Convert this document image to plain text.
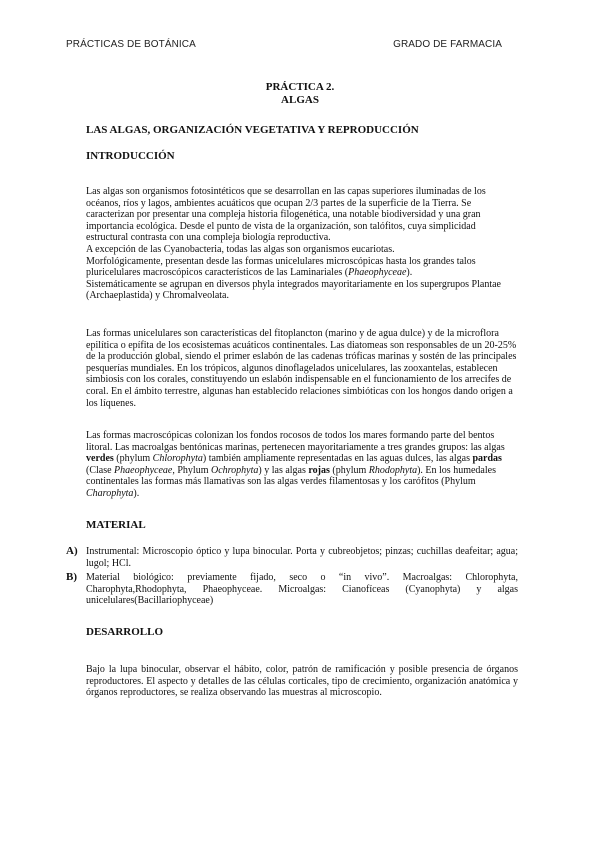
PRÁCTICAS DE BOTÁNICA	GRADO DE FARMACIA
PRÁCTICA 2.
ALGAS
LAS ALGAS, ORGANIZACIÓN VEGETATIVA Y REPRODUCCIÓN
INTRODUCCIÓN
Las algas son organismos fotosintéticos que se desarrollan en las capas superiores iluminadas de los océanos, ríos y lagos, ambientes acuáticos que ocupan 2/3 partes de la superficie de la Tierra. Se caracterizan por presentar una compleja historia filogenética, una notable biodiversidad y una gran importancia ecológica. Desde el punto de vista de la organización, son talófitos, cuya simplicidad estructural contrasta con una compleja biología reproductiva.
A excepción de las Cyanobacteria, todas las algas son organismos eucariotas.
Morfológicamente, presentan desde las formas unicelulares microscópicas hasta los grandes talos pluricelulares macroscópicos característicos de las Laminariales (Phaeophyceae).
Sistemáticamente se agrupan en diversos phyla integrados mayoritariamente en los supergrupos Plantae (Archaeplastida) y Chromalveolata.
Las formas unicelulares son características del fitoplancton (marino y de agua dulce) y de la microflora epilítica o epífita de los ecosistemas acuáticos continentales. Las diatomeas son responsables de un 20-25% de la producción global, siendo el primer eslabón de las cadenas tróficas marinas y sostén de las principales pesquerías mundiales. En los trópicos, algunos dinoflagelados unicelulares, las zooxantelas, establecen simbiosis con los corales, constituyendo un eslabón indispensable en el funcionamiento de los arrecifes de coral. En el ámbito terrestre, algunas han establecido relaciones simbióticas con los hongos dando origen a los líquenes.
Las formas macroscópicas colonizan los fondos rocosos de todos los mares formando parte del bentos litoral. Las macroalgas bentónicas marinas, pertenecen mayoritariamente a tres grandes grupos: las algas verdes (phylum Chlorophyta) también ampliamente representadas en las aguas dulces, las algas pardas (Clase Phaeophyceae, Phylum Ochrophyta) y las algas rojas (phylum Rhodophyta). En los humedales continentales las formas más llamativas son las algas verdes filamentosas y los carófitos (Phylum Charophyta).
MATERIAL
A) Instrumental: Microscopio óptico y lupa binocular. Porta y cubreobjetos; pinzas; cuchillas deafeitar; agua; lugol; HCl.
B) Material biológico: previamente fijado, seco o “in vivo”. Macroalgas: Chlorophyta, Charophyta,Rhodophyta, Phaeophyceae. Microalgas: Cianofíceas (Cyanophyta) y algas unicelulares(Bacillariophyceae)
DESARROLLO
Bajo la lupa binocular, observar el hábito, color, patrón de ramificación y posible presencia de órganos reproductores. El aspecto y detalles de las células corticales, tipo de crecimiento, organización anatómica y órganos reproductores, se realiza observando las muestras al microscopio.
